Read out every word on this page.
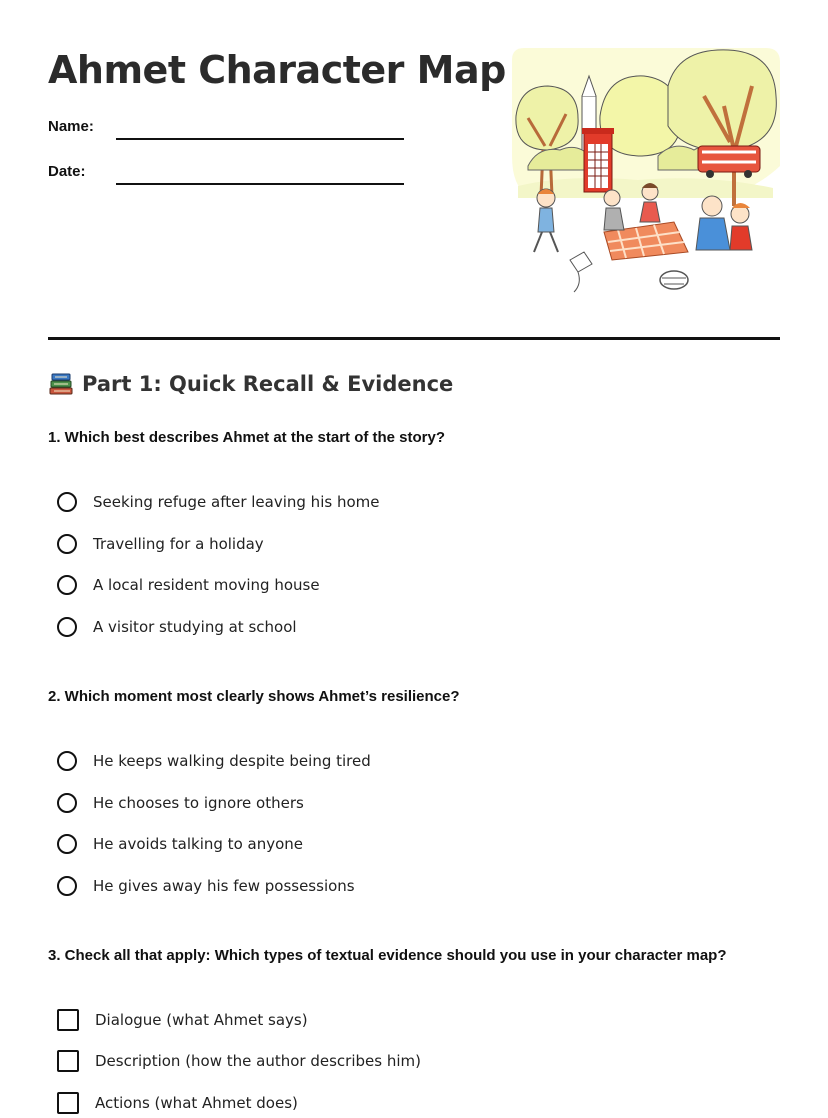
Ahmet Character Map
Name:
Date:
Part 1: Quick Recall & Evidence
1. Which best describes Ahmet at the start of the story?
Seeking refuge after leaving his home
Travelling for a holiday
A local resident moving house
A visitor studying at school
2. Which moment most clearly shows Ahmet’s resilience?
He keeps walking despite being tired
He chooses to ignore others
He avoids talking to anyone
He gives away his few possessions
3. Check all that apply: Which types of textual evidence should you use in your character map?
Dialogue (what Ahmet says)
Description (how the author describes him)
Actions (what Ahmet does)
